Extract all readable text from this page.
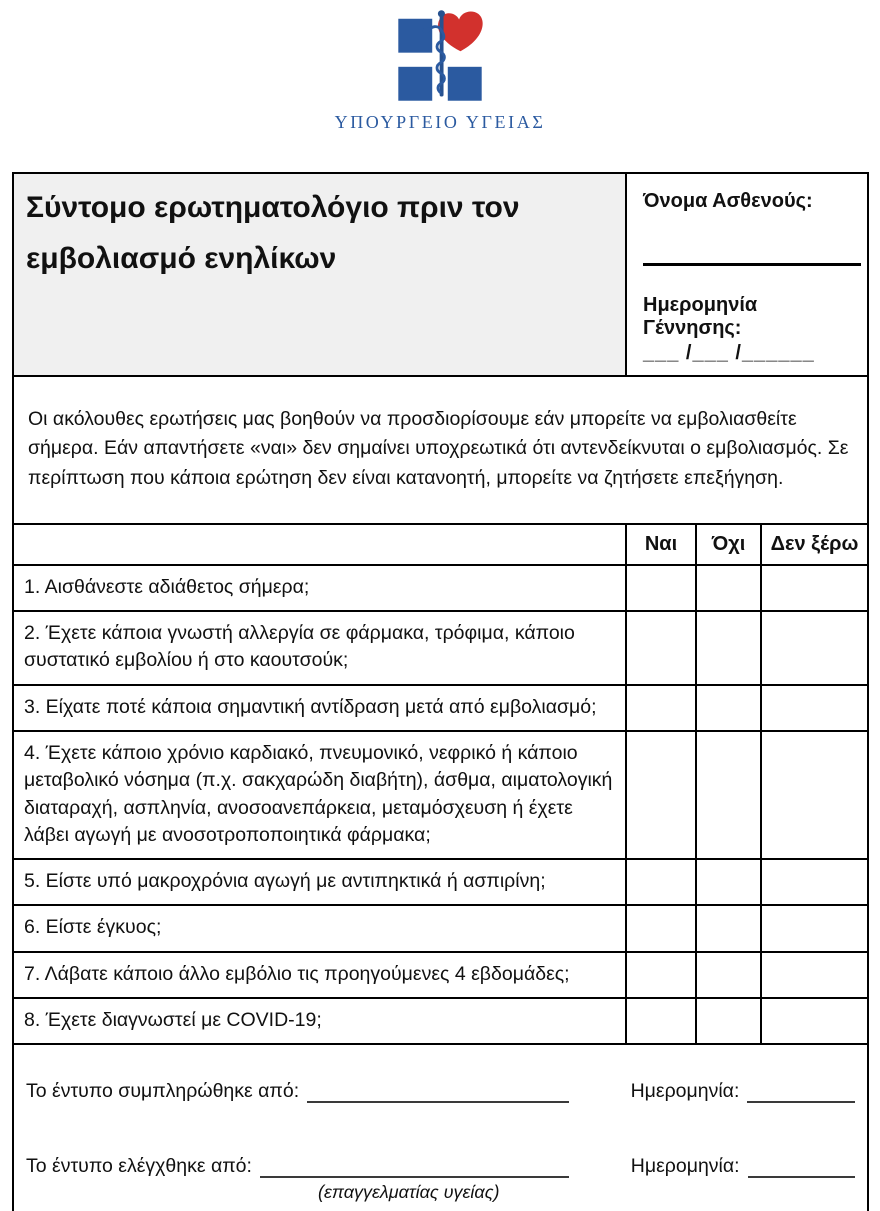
ΥΠΟΥΡΓΕΙΟ ΥΓΕΙΑΣ
Σύντομο ερωτηματολόγιο πριν τον εμβολιασμό ενηλίκων	Όνομα Ασθενούς:
Ημερομηνία Γέννησης:
___ /___ /______		

Οι ακόλουθες ερωτήσεις μας βοηθούν να προσδιορίσουμε εάν μπορείτε να εμβολιασθείτε σήμερα. Εάν απαντήσετε «ναι» δεν σημαίνει υποχρεωτικά ότι αντενδείκνυται ο εμβολιασμός. Σε περίπτωση που κάποια ερώτηση δεν είναι κατανοητή, μπορείτε να ζητήσετε επεξήγηση.			
	Ναι	Όχι	Δεν ξέρω
1. Αισθάνεστε αδιάθετος σήμερα;			
2. Έχετε κάποια γνωστή αλλεργία σε φάρμακα, τρόφιμα, κάποιο συστατικό εμβολίου ή στο καουτσούκ;			
3. Είχατε ποτέ κάποια σημαντική αντίδραση μετά από εμβολιασμό;			
4. Έχετε κάποιο χρόνιο καρδιακό, πνευμονικό, νεφρικό ή κάποιο μεταβολικό νόσημα (π.χ. σακχαρώδη διαβήτη), άσθμα, αιματολογική διαταραχή, ασπληνία, ανοσοανεπάρκεια, μεταμόσχευση ή έχετε λάβει αγωγή με ανοσοτροποποιητικά φάρμακα;			
5. Είστε υπό μακροχρόνια αγωγή με αντιπηκτικά ή ασπιρίνη;			
6. Είστε έγκυος;			
7. Λάβατε κάποιο άλλο εμβόλιο τις προηγούμενες 4 εβδομάδες;			
8. Έχετε διαγνωστεί με COVID-19;			

Το έντυπο συμπληρώθηκε από: Ημερομηνία:
Το έντυπο ελέγχθηκε από: Ημερομηνία:
(επαγγελματίας υγείας)			
